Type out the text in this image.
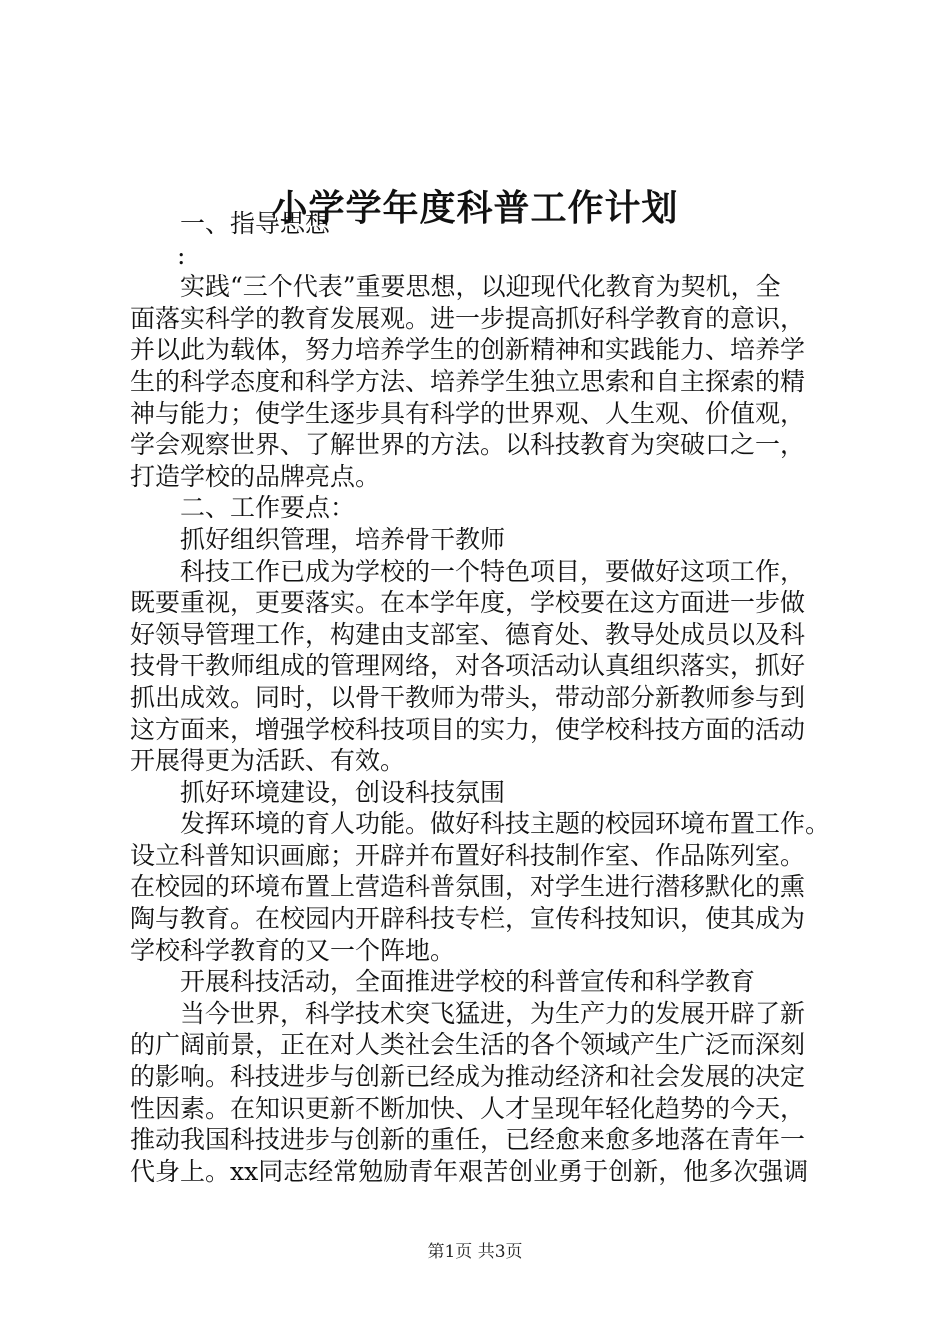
小学学年度科普工作计划
一、指导思想
:
实践“三个代表”重要思想，以迎现代化教育为契机，全
面落实科学的教育发展观。进一步提高抓好科学教育的意识，
并以此为载体，努力培养学生的创新精神和实践能力、培养学
生的科学态度和科学方法、培养学生独立思索和自主探索的精
神与能力；使学生逐步具有科学的世界观、人生观、价值观，
学会观察世界、了解世界的方法。以科技教育为突破口之一，
打造学校的品牌亮点。
二、工作要点：
抓好组织管理，培养骨干教师
科技工作已成为学校的一个特色项目，要做好这项工作，
既要重视，更要落实。在本学年度，学校要在这方面进一步做
好领导管理工作，构建由支部室、德育处、教导处成员以及科
技骨干教师组成的管理网络，对各项活动认真组织落实，抓好
抓出成效。同时，以骨干教师为带头，带动部分新教师参与到
这方面来，增强学校科技项目的实力，使学校科技方面的活动
开展得更为活跃、有效。
抓好环境建设，创设科技氛围
发挥环境的育人功能。做好科技主题的校园环境布置工作。
设立科普知识画廊；开辟并布置好科技制作室、作品陈列室。
在校园的环境布置上营造科普氛围，对学生进行潜移默化的熏
陶与教育。在校园内开辟科技专栏，宣传科技知识，使其成为
学校科学教育的又一个阵地。
开展科技活动，全面推进学校的科普宣传和科学教育
当今世界，科学技术突飞猛进，为生产力的发展开辟了新
的广阔前景，正在对人类社会生活的各个领域产生广泛而深刻
的影响。科技进步与创新已经成为推动经济和社会发展的决定
性因素。在知识更新不断加快、人才呈现年轻化趋势的今天，
推动我国科技进步与创新的重任，已经愈来愈多地落在青年一
代身上。xx同志经常勉励青年艰苦创业勇于创新，他多次强调
第1页 共3页
